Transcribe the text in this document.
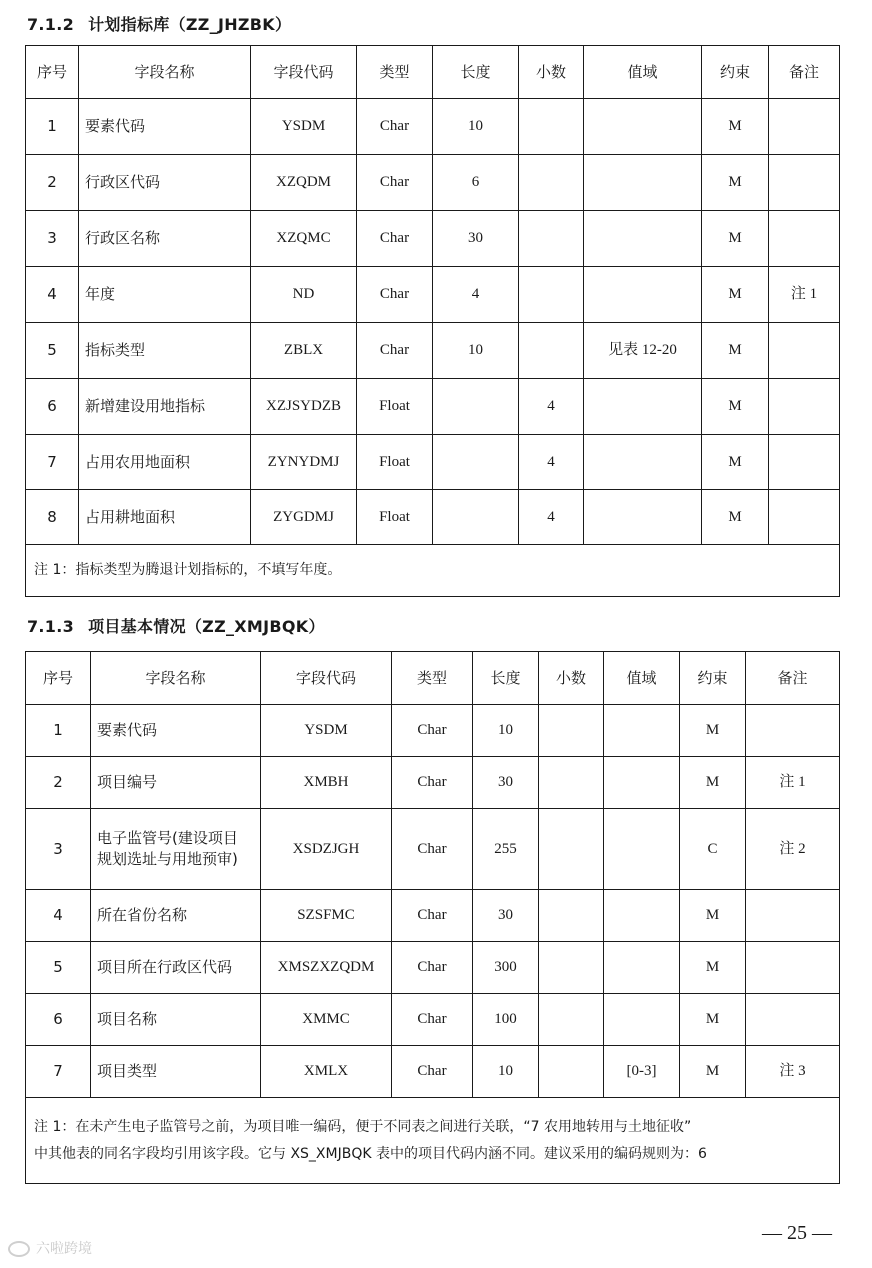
7.1.2 计划指标库（ZZ_JHZBK）
序号	字段名称	字段代码	类型	长度	小数	值域	约束	备注
1	要素代码	YSDM	Char	10			M	
2	行政区代码	XZQDM	Char	6			M	
3	行政区名称	XZQMC	Char	30			M	
4	年度	ND	Char	4			M	注 1
5	指标类型	ZBLX	Char	10		见表 12-20	M	
6	新增建设用地指标	XZJSYDZB	Float		4		M	
7	占用农用地面积	ZYNYDMJ	Float		4		M	
8	占用耕地面积	ZYGDMJ	Float		4		M	
注 1：指标类型为腾退计划指标的，不填写年度。								
7.1.3 项目基本情况（ZZ_XMJBQK）
序号	字段名称	字段代码	类型	长度	小数	值域	约束	备注
1	要素代码	YSDM	Char	10			M	
2	项目编号	XMBH	Char	30			M	注 1
3	电子监管号(建设项目
规划选址与用地预审)	XSDZJGH	Char	255			C	注 2
4	所在省份名称	SZSFMC	Char	30			M	
5	项目所在行政区代码	XMSZXZQDM	Char	300			M	
6	项目名称	XMMC	Char	100			M	
7	项目类型	XMLX	Char	10		[0-3]	M	注 3

注 1：在未产生电子监管号之前，为项目唯一编码，便于不同表之间进行关联，“7 农用地转用与土地征收”
中其他表的同名字段均引用该字段。它与 XS_XMJBQK 表中的项目代码内涵不同。建议采用的编码规则为：6								
— 25 —
六啦跨境
